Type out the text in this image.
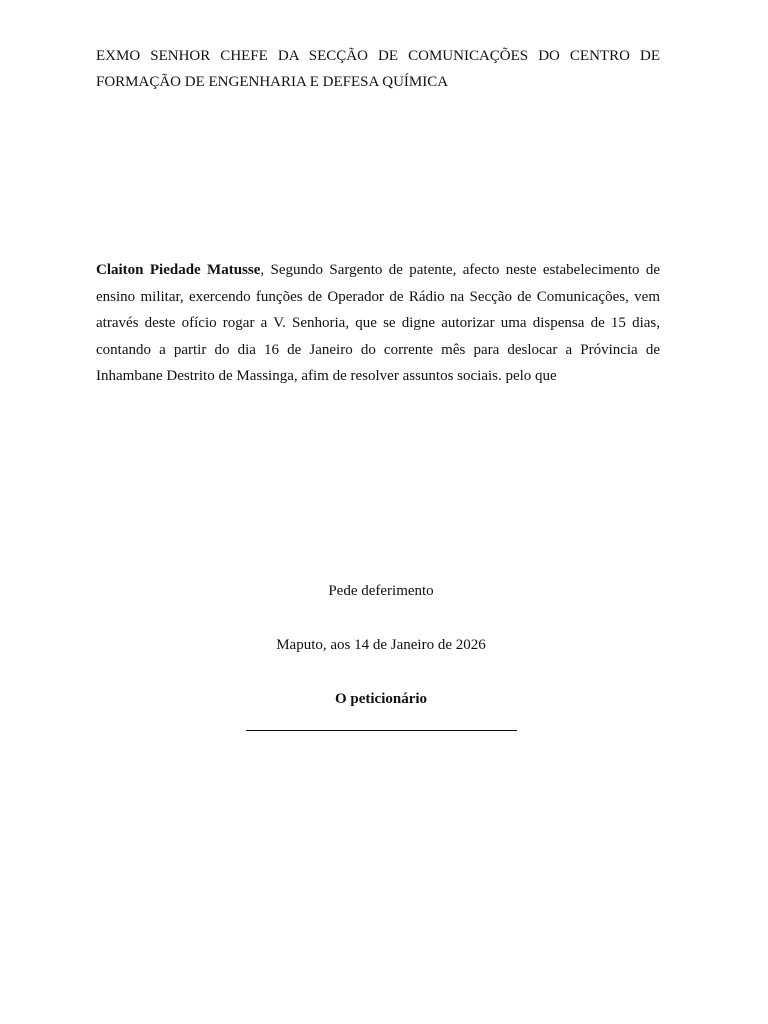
EXMO SENHOR CHEFE DA SECÇÃO DE COMUNICAÇÕES DO CENTRO DE FORMAÇÃO DE ENGENHARIA E DEFESA QUÍMICA

Claiton Piedade Matusse, Segundo Sargento de patente, afecto neste estabelecimento de ensino militar, exercendo funções de Operador de Rádio na Secção de Comunicações, vem através deste ofício rogar a V. Senhoria, que se digne autorizar uma dispensa de 15 dias, contando a partir do dia 16 de Janeiro do corrente mês para deslocar a Próvincia de Inhambane Destrito de Massinga, afim de resolver assuntos sociais. pelo que

Pede deferimento

Maputo, aos 14 de Janeiro de 2026

O peticionário
